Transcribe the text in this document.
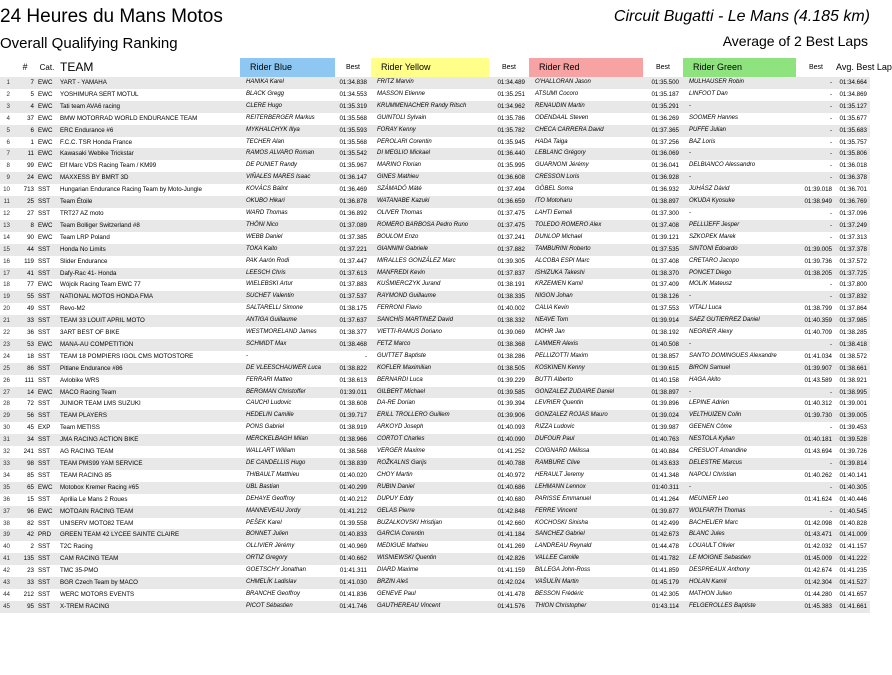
24 Heures du Mans Motos
Overall Qualifying Ranking
Circuit Bugatti - Le Mans (4.185 km)
Average of 2 Best Laps
	#	Cat.	TEAM	Rider Blue	Best	Rider Yellow	Best	Rider Red	Best	Rider Green	Best	Avg. Best Lap
1	7	EWC	YART - YAMAHA	HANIKA Karel	01:34.838	FRITZ Marvin	01:34.489	O'HALLORAN Jason	01:35.500	MULHAUSER Robin	-	01:34.664
2	5	EWC	YOSHIMURA SERT MOTUL	BLACK Gregg	01:34.553	MASSON Etienne	01:35.251	ATSUMI Cocoro	01:35.187	LINFOOT Dan	-	01:34.869
3	4	EWC	Tati team AVA6 racing	CLERE Hugo	01:35.319	KRUMMENACHER Randy Ritsch	01:34.962	RENAUDIN Martin	01:35.291	-	-	01:35.127
4	37	EWC	BMW MOTORRAD WORLD ENDURANCE TEAM	REITERBERGER Markus	01:35.568	GUINTOLI Sylvain	01:35.786	ODENDAAL Steven	01:36.269	SOOMER Hannes	-	01:35.677
5	6	EWC	ERC Endurance #6	MYKHALCHYK Illya	01:35.593	FORAY Kenny	01:35.782	CHECA CARRERA David	01:37.365	PUFFE Julian	-	01:35.683
6	1	EWC	F.C.C. TSR Honda France	TECHER Alan	01:35.568	PEROLARI Corentin	01:35.945	HADA Taiga	01:37.256	BAZ Loris	-	01:35.757
7	11	EWC	Kawasaki Webike Trickstar	RAMOS ALVARO Roman	01:35.542	DI MEGLIO Mickael	01:36.440	LEBLANC Grégory	01:36.069	-	-	01:35.806
8	99	EWC	Elf Marc VDS Racing Team / KM99	DE PUNIET Randy	01:35.967	MARINO Florian	01:35.995	GUARNONI Jérémy	01:36.041	DELBIANCO Alessandro	-	01:36.018
9	24	EWC	MAXXESS BY BMRT 3D	VIÑALES MARES Isaac	01:36.147	GINES Mathieu	01:36.608	CRESSON Loris	01:36.928	-	-	01:36.378
10	713	SST	Hungarian Endurance Racing Team by Moto-Jungle	KOVÁCS Bálint	01:36.469	SZÁMADÓ Máté	01:37.494	GÖBEL Soma	01:36.932	JUHÁSZ Dávid	01:39.018	01:36.701
11	25	SST	Team Étoile	OKUBO Hikari	01:36.878	WATANABE Kazuki	01:36.659	ITO Motoharu	01:38.897	OKUDA Kyosuke	01:38.949	01:36.769
12	27	SST	TRT27 AZ moto	WARD Thomas	01:36.892	OLIVER Thomas	01:37.475	LAHTI Eemeli	01:37.300	-	-	01:37.096
13	8	EWC	Team Bolliger Switzerland #8	THÖNI Nico	01:37.089	ROMERO BARBOSA Pedro Runo	01:37.475	TOLEDO ROMERO Alex	01:37.408	PELLIJEFF Jesper	-	01:37.249
14	90	EWC	Team LRP Poland	WEBB Daniel	01:37.385	BOULOM Enzo	01:37.241	DUNLOP Michael	01:39.121	SZKOPEK Marek	-	01:37.313
15	44	SST	Honda No Limits	TOKA Kaito	01:37.221	GIANNINI Gabriele	01:37.882	TAMBURINI Roberto	01:37.535	SINTONI Edoardo	01:39.005	01:37.378
16	119	SST	Slider Endurance	PAK Aarón Rodi	01:37.447	MIRALLES GONZÁLEZ Marc	01:39.305	ALCOBA ESPI Marc	01:37.408	CRETARO Jacopo	01:39.736	01:37.572
17	41	SST	Dafy-Rac 41- Honda	LEESCH Chris	01:37.613	MANFREDI Kevin	01:37.837	ISHIZUKA Takeshi	01:38.370	PONCET Diego	01:38.205	01:37.725
18	77	EWC	Wójcik Racing Team EWC 77	WIELEBSKI Artur	01:37.883	KUŚMIERCZYK Jurand	01:38.191	KRZEMIEN Kamil	01:37.409	MOLIK Mateusz	-	01:37.800
19	55	SST	NATIONAL MOTOS HONDA FMA	SUCHET Valentin	01:37.537	RAYMOND Guillaume	01:38.335	NIGON Johan	01:38.126	-	-	01:37.832
20	49	SST	Revo-M2	SALTARELLI Simone	01:38.175	FERRONI Flavio	01:40.002	CALIA Kevin	01:37.553	VITALI Luca	01:38.799	01:37.864
21	33	SST	TEAM 33 LOUIT APRIL MOTO	ANTIGA Guillaume	01:37.637	SANCHÍS MARTINEZ David	01:38.332	NEAVE Tom	01:39.914	SAEZ GUTIERREZ Daniel	01:40.359	01:37.985
22	36	SST	3ART BEST OF BIKE	WESTMORELAND James	01:38.377	VIETTI-RAMUS Doriano	01:39.069	MOHR Jan	01:38.192	NEGRIER Alexy	01:40.709	01:38.285
23	53	EWC	MANA-AU COMPETITION	SCHMIDT Max	01:38.468	FETZ Marco	01:38.368	LAMMER Alexis	01:40.508	-	-	01:38.418
24	18	SST	TEAM 18 POMPIERS IGOL CMS MOTOSTORE	-	-	GUITTET Baptiste	01:38.286	PELLIZOTTI Maxim	01:38.857	SANTO DOMINGUES Alexandre	01:41.034	01:38.572
25	86	SST	Pitlane Endurance #86	DE VLEESCHAUWER Luca	01:38.822	KOFLER Maximilian	01:38.505	KOSKINEN Kenny	01:39.615	BIRON Samuel	01:39.907	01:38.661
26	111	SST	Avlobike WRS	FERRARI Matteo	01:38.613	BERNARDI Luca	01:39.229	BUTTI Alberto	01:40.158	HAGA Akito	01:43.589	01:38.921
27	14	EWC	MACO Racing Team	BERGMAN Christoffer	01:39.011	GILBERT Michael	01:39.585	GONZALEZ ZUDAIRE Daniel	01:38.897	-	-	01:38.995
28	72	SST	JUNIOR TEAM LMS SUZUKI	CAUCHI Ludovic	01:38.608	DA-RE Dorian	01:39.394	LEVRIER Quentin	01:39.896	LEPINE Adrien	01:40.312	01:39.001
29	56	SST	TEAM PLAYERS	HEDELIN Camille	01:39.717	ERILL TROLLERO Guillem	01:39.906	GONZALEZ ROJAS Mauro	01:39.024	VELTHUIZEN Colin	01:39.730	01:39.005
30	45	EXP	Team METISS	PONS Gabriel	01:38.919	ARKOYD Joseph	01:40.093	RIZZA Ludovic	01:39.987	GEENEN Côme	-	01:39.453
31	34	SST	JMA RACING ACTION BIKE	MERCKELBAGH Milan	01:38.966	CORTOT Charles	01:40.090	DUFOUR Paul	01:40.763	NESTOLA Kylian	01:40.181	01:39.528
32	241	SST	AG RACING TEAM	WALLART William	01:38.568	VERGER Maxime	01:41.252	COIGNARD Mélissa	01:40.884	CRESUOT Amandine	01:43.694	01:39.726
33	98	SST	TEAM PMS99 YAM SERVICE	DE CANDELLIS Hugo	01:38.839	ROŽKALNS Garijs	01:40.788	RAMBURE Clive	01:43.633	DELESTRE Marcus	-	01:39.814
34	85	SST	TEAM RACING 85	THIBAULT Matthieu	01:40.020	CHOY Martin	01:40.972	HERAULT Jeremy	01:41.348	NAPOLI Christian	01:40.262	01:40.141
35	65	EWC	Motobox Kremer Racing #65	UBL Bastian	01:40.299	RUBIN Daniel	01:40.686	LEHMANN Lennox	01:40.311	-	-	01:40.305
36	15	SST	Aprilia Le Mans 2 Roues	DEHAYE Geoffroy	01:40.212	DUPUY Eddy	01:40.680	PARISSE Emmanuel	01:41.264	MEUNIER Leo	01:41.624	01:40.446
37	96	EWC	MOTOAIN RACING TEAM	MANNEVEAU Jordy	01:41.212	GELAS Pierre	01:42.848	FERRE Vincent	01:39.877	WOLFARTH Thomas	-	01:40.545
38	82	SST	UNISERV MOTO82 TEAM	PEŠEK Karel	01:39.558	BUZALKOVSKI Hristijan	01:42.660	KOCHOSKI Sinisha	01:42.499	BACHELIER Marc	01:42.098	01:40.828
39	42	PRD	GREEN TEAM 42 LYCEE SAINTE CLAIRE	BONNET Julien	01:40.833	GARCIA Corentin	01:41.184	SANCHEZ Gabriel	01:42.673	BLANC Jules	01:43.471	01:41.009
40	2	SST	T2C Racing	OLLIVIER Jérémy	01:40.969	MEDIGUE Mathieu	01:41.269	LANDREAU Reynald	01:44.478	LOUAULT Olivier	01:42.032	01:41.157
41	135	SST	CAM RACING TEAM	ORTIZ Gregory	01:40.662	WISNIEWSKI Quentin	01:42.826	VALLEE Camille	01:41.782	LE MOIGNE Sebastien	01:45.009	01:41.222
42	23	SST	TMC 35-PMO	GOETSCHY Jonathan	01:41.311	DIARD Maxime	01:41.159	BILLEGA John-Ross	01:41.859	DESPREAUX Anthony	01:42.674	01:41.235
43	33	SST	BGR Czech Team by MACO	CHMELÍK Ladislav	01:41.030	BRZIN Aleš	01:42.024	VAŠULÍN Martin	01:45.179	HOLAN Kamil	01:42.304	01:41.527
44	212	SST	WERC MOTORS EVENTS	BRANCHE Geoffroy	01:41.836	GENEVE Paul	01:41.478	BESSON Frédéric	01:42.305	MATHON Julien	01:44.280	01:41.657
45	95	SST	X-TREM RACING	PICOT Sébastien	01:41.746	GAUTHEREAU Vincent	01:41.576	THION Christopher	01:43.114	FELGEROLLES Baptiste	01:45.383	01:41.661
